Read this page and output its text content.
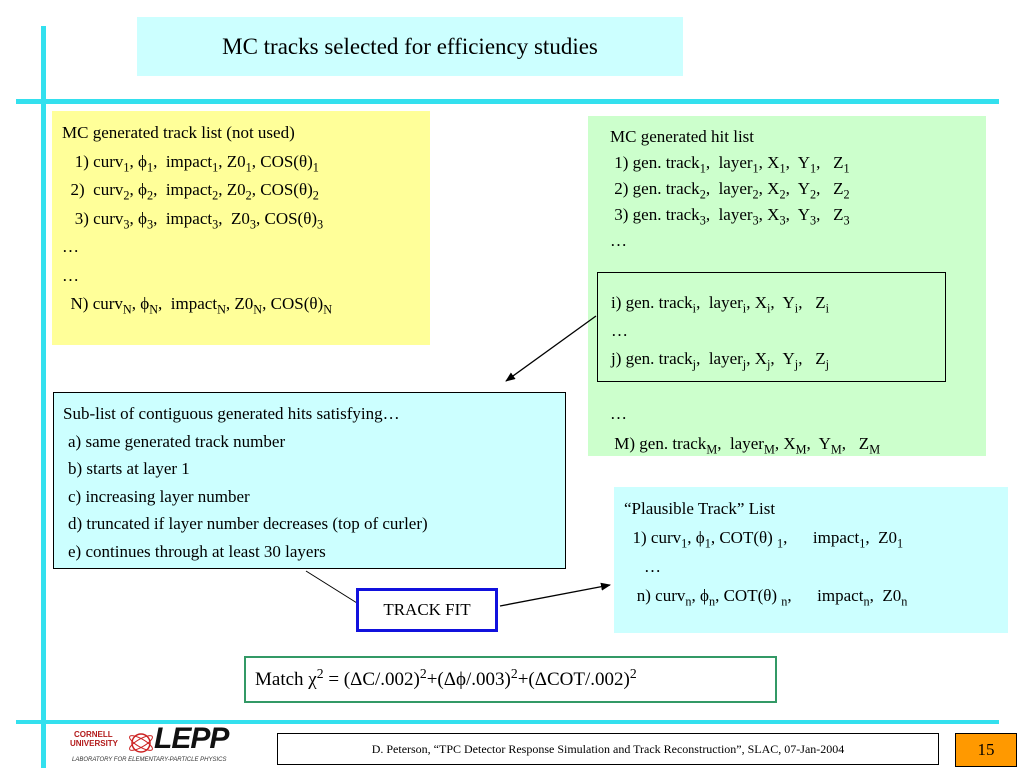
MC tracks selected for efficiency studies
MC generated track list (not used)
1) curv$_1$, $\phi_1$,  impact$_1$, $Z0_1$, $COS(\theta)_1$
2)  curv$_2$, $\phi_2$,  impact$_2$, $Z0_2$, $COS(\theta)_2$
3) curv$_3$, $\phi_3$,  impact$_3$,  $Z0_3$, $COS(\theta)_3$
…
…
N) curv$_N$, $\phi_N$,  impact$_N$, $Z0_N$, $COS(\theta)_N$
MC generated hit list
1) gen. track$_1$,  layer$_1$, $X_1$,  $Y_1$,   $Z_1$
2) gen. track$_2$,  layer$_2$, $X_2$,  $Y_2$,   $Z_2$
3) gen. track$_3$,  layer$_3$, $X_3$,  $Y_3$,   $Z_3$
…
i) gen. track$_i$,  layer$_i$, $X_i$,  $Y_i$,   $Z_i$
…
j) gen. track$_j$,  layer$_j$, $X_j$,  $Y_j$,   $Z_j$
…
M) gen. track$_M$,  layer$_M$, $X_M$,  $Y_M$,   $Z_M$
Sub-list of contiguous generated hits satisfying…
a) same generated track number
b) starts at layer 1
c) increasing layer number
d) truncated if layer number decreases (top of curler)
e) continues through at least 30 layers
“Plausible Track” List
1) curv$_1$, $\phi_1$, COT(θ) $_1$,      impact$_1$,  $Z0_1$
…
n) curv$_n$, $\phi_n$, COT(θ) $_n$,      impact$_n$,  $Z0_n$
TRACK FIT
Match $\chi^2 = (\Delta C/.002)^2+(\Delta\phi/.003)^2+(\Delta COT/.002)^2$
CORNELL
UNIVERSITY LEPP
LABORATORY FOR ELEMENTARY-PARTICLE PHYSICS
D. Peterson, “TPC Detector Response Simulation and Track Reconstruction”, SLAC, 07-Jan-2004	15
